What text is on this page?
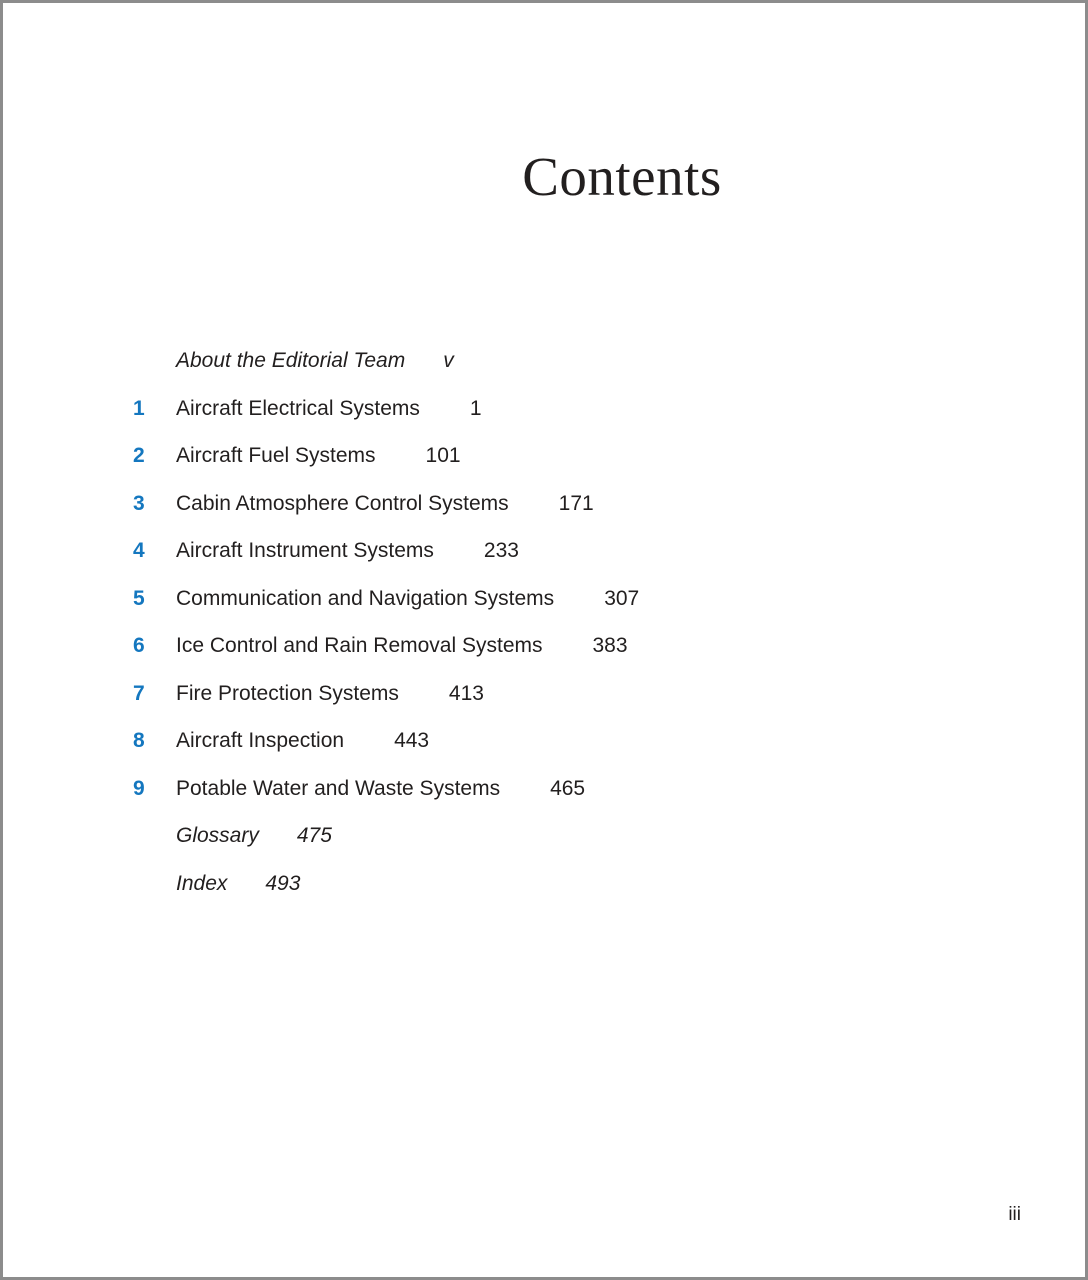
Contents
About the Editorial Team v
1 Aircraft Electrical Systems 1
2 Aircraft Fuel Systems 101
3 Cabin Atmosphere Control Systems 171
4 Aircraft Instrument Systems 233
5 Communication and Navigation Systems 307
6 Ice Control and Rain Removal Systems 383
7 Fire Protection Systems 413
8 Aircraft Inspection 443
9 Potable Water and Waste Systems 465
Glossary 475
Index 493
iii
